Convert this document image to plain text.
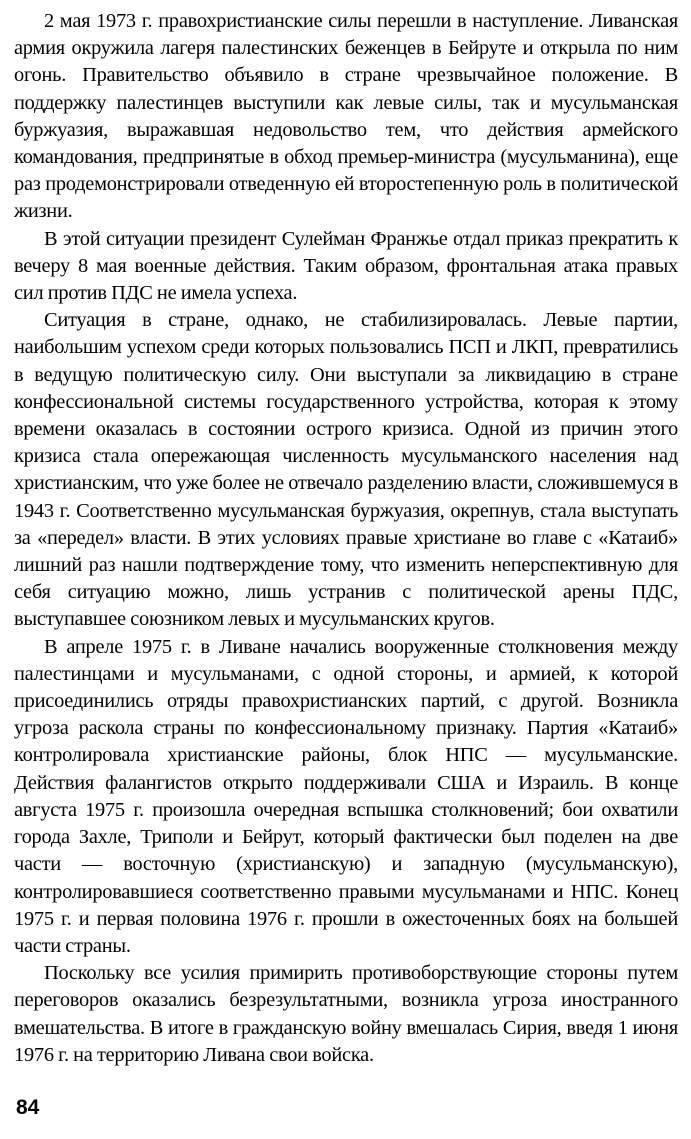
2 мая 1973 г. правохристианские силы перешли в наступление. Ливанская армия окружила лагеря палестинских беженцев в Бейруте и открыла по ним огонь. Правительство объявило в стране чрезвычайное положение. В поддержку палестинцев выступили как левые силы, так и мусульманская буржуазия, выражавшая недовольство тем, что действия армейского командования, предпринятые в обход премьер-министра (мусульманина), еще раз продемонстрировали отведенную ей второстепенную роль в политической жизни.

В этой ситуации президент Сулейман Франжье отдал приказ прекратить к вечеру 8 мая военные действия. Таким образом, фронтальная атака правых сил против ПДС не имела успеха.

Ситуация в стране, однако, не стабилизировалась. Левые партии, наибольшим успехом среди которых пользовались ПСП и ЛКП, превратились в ведущую политическую силу. Они выступали за ликвидацию в стране конфессиональной системы государственного устройства, которая к этому времени оказалась в состоянии острого кризиса. Одной из причин этого кризиса стала опережающая численность мусульманского населения над христианским, что уже более не отвечало разделению власти, сложившемуся в 1943 г. Соответственно мусульманская буржуазия, окрепнув, стала выступать за «передел» власти. В этих условиях правые христиане во главе с «Катаиб» лишний раз нашли подтверждение тому, что изменить неперспективную для себя ситуацию можно, лишь устранив с политической арены ПДС, выступавшее союзником левых и мусульманских кругов.

В апреле 1975 г. в Ливане начались вооруженные столкновения между палестинцами и мусульманами, с одной стороны, и армией, к которой присоединились отряды правохристианских партий, с другой. Возникла угроза раскола страны по конфессиональному признаку. Партия «Катаиб» контролировала христианские районы, блок НПС — мусульманские. Действия фалангистов открыто поддерживали США и Израиль. В конце августа 1975 г. произошла очередная вспышка столкновений; бои охватили города Захле, Триполи и Бейрут, который фактически был поделен на две части — восточную (христианскую) и западную (мусульманскую), контролировавшиеся соответственно правыми мусульманами и НПС. Конец 1975 г. и первая половина 1976 г. прошли в ожесточенных боях на большей части страны.

Поскольку все усилия примирить противоборствующие стороны путем переговоров оказались безрезультатными, возникла угроза иностранного вмешательства. В итоге в гражданскую войну вмешалась Сирия, введя 1 июня 1976 г. на территорию Ливана свои войска.

84
